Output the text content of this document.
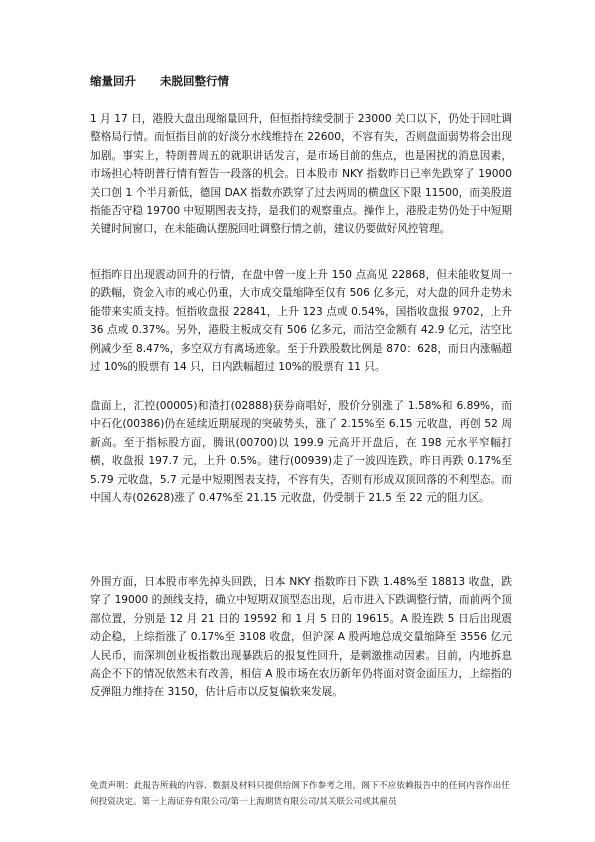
缩量回升      未脱回整行情

1 月 17 日，港股大盘出现缩量回升，但恒指持续受制于 23000 关口以下，仍处于回吐调整格局行情。而恒指目前的好淡分水线维持在 22600，不容有失，否则盘面弱势将会出现加剧。事实上，特朗普周五的就职讲话发言，是市场目前的焦点，也是困扰的消息因素，市场担心特朗普行情有暂告一段落的机会。日本股市 NKY 指数昨日已率先跌穿了 19000 关口创 1 个半月新低，德国 DAX 指数亦跌穿了过去两周的横盘区下限 11500，而美股道指能否守稳 19700 中短期图表支持，是我们的观察重点。操作上，港股走势仍处于中短期关键时间窗口，在未能确认摆脱回吐调整行情之前，建议仍要做好风控管理。

恒指昨日出现震动回升的行情，在盘中曾一度上升 150 点高见 22868，但未能收复周一的跌幅，资金入市的戒心仍重，大市成交量缩降至仅有 506 亿多元，对大盘的回升走势未能带来实质支持。恒指收盘报 22841，上升 123 点或 0.54%，国指收盘报 9702，上升 36 点或 0.37%。另外，港股主板成交有 506 亿多元，而沽空金额有 42.9 亿元，沽空比例减少至 8.47%，多空双方有离场迹象。至于升跌股数比例是 870：628，而日内涨幅超过 10%的股票有 14 只，日内跌幅超过 10%的股票有 11 只。

盘面上，汇控(00005)和渣打(02888)获券商唱好，股价分别涨了 1.58%和 6.89%，而中石化(00386)仍在延续近期展现的突破势头，涨了 2.15%至 6.15 元收盘，再创 52 周新高。至于指标股方面，腾讯(00700)以 199.9 元高开开盘后，在 198 元水平窄幅打横，收盘报 197.7 元，上升 0.5%。建行(00939)走了一波四连跌，昨日再跌 0.17%至 5.79 元收盘，5.7 元是中短期图表支持，不容有失，否则有形成双顶回落的不利型态。而中国人寿(02628)涨了 0.47%至 21.15 元收盘，仍受制于 21.5 至 22 元的阻力区。

外围方面，日本股市率先掉头回跌，日本 NKY 指数昨日下跌 1.48%至 18813 收盘，跌穿了 19000 的颈线支持，确立中短期双顶型态出现，后市进入下跌调整行情，而前两个顶部位置，分别是 12 月 21 日的 19592 和 1 月 5 日的 19615。A 股连跌 5 日后出现震动企稳，上综指涨了 0.17%至 3108 收盘，但沪深 A 股两地总成交量缩降至 3556 亿元人民币，而深圳创业板指数出现暴跌后的报复性回升，是刺激推动因素。目前，内地拆息高企不下的情况依然未有改善，相信 A 股市场在农历新年仍将面对资金面压力，上综指的反弹阻力维持在 3150，估计后市以反复偏软来发展。

免责声明：此报告所载的内容、数据及材料只提供给阁下作参考之用，阁下不应依赖报告中的任何内容作出任何投资决定。第一上海证券有限公司/第一上海期货有限公司/其关联公司或其雇员
